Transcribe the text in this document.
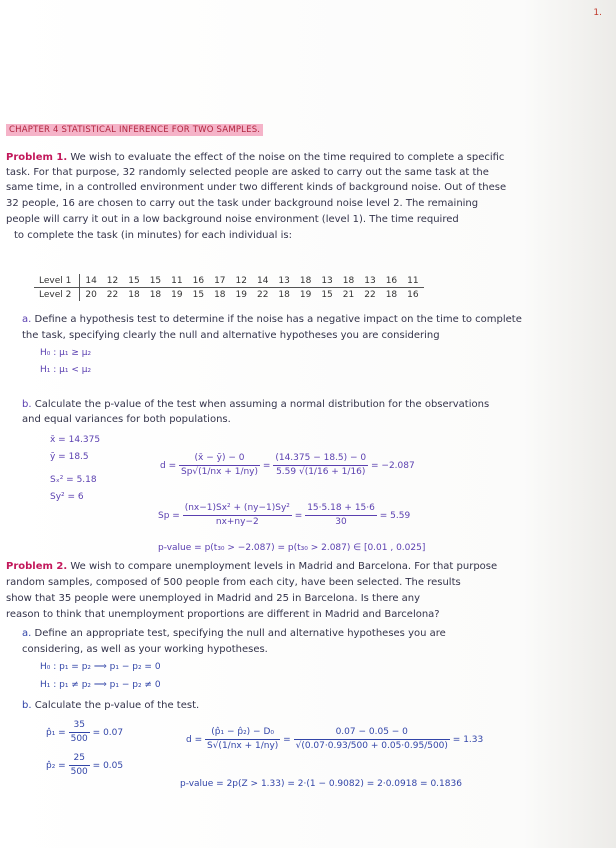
1.
CHAPTER 4 STATISTICAL INFERENCE FOR TWO SAMPLES.
Problem 1. We wish to evaluate the effect of the noise on the time required to complete a specific
task. For that purpose, 32 randomly selected people are asked to carry out the same task at the
same time, in a controlled environment under two different kinds of background noise. Out of these
32 people, 16 are chosen to carry out the task under background noise level 2. The remaining
people will carry it out in a low background noise environment (level 1). The time required
to complete the task (in minutes) for each individual is:
Level 1	14	12	15	15	11	16	17	12	14	13	18	13	18	13	16	11
Level 2	20	22	18	18	19	15	18	19	22	18	19	15	21	22	18	16
a. Define a hypothesis test to determine if the noise has a negative impact on the time to complete
the task, specifying clearly the null and alternative hypotheses you are considering
H₀ : μ₁ ≥ μ₂
H₁ : μ₁ < μ₂
b. Calculate the p-value of the test when assuming a normal distribution for the observations
and equal variances for both populations.
x̄ = 14.375
ȳ = 18.5
Sₓ² = 5.18
Sy² = 6
$d = \frac{(x̄ - ȳ) - 0}{Sp√(1/nx + 1/ny)} = \frac{(14.375 - 18.5) - 0}{5.59 √(1/16 + 1/16)} = -2.087$
$Sp = \frac{\text{(nx−1)Sx² + (ny−1)Sy²}}{nx+ny-2} = \frac{15\cdot 5.18 + 15\cdot 6}{30} = 5.59$
p-value = p(t₃₀ > −2.087) = p(t₃₀ > 2.087) ∈ [0.01 , 0.025]
Problem 2. We wish to compare unemployment levels in Madrid and Barcelona. For that purpose
random samples, composed of 500 people from each city, have been selected. The results
show that 35 people were unemployed in Madrid and 25 in Barcelona. Is there any
reason to think that unemployment proportions are different in Madrid and Barcelona?
a. Define an appropriate test, specifying the null and alternative hypotheses you are
considering, as well as your working hypotheses.
H₀ : p₁ = p₂ ⟹ p₁ − p₂ = 0
H₁ : p₁ ≠ p₂ ⟹ p₁ − p₂ ≠ 0
b. Calculate the p-value of the test.
p̂₁ = $\frac{35}{500} = 0.07$
p̂₂ = $\frac{25}{500} = 0.05$
$d = \frac{\text{(p̂₁ − p̂₂) − D₀}}{S√(1/nx + 1/ny)} = \frac{0.07 - 0.05 - 0}{√(0.07\cdot 0.93/500 + 0.05\cdot 0.95/500)} = 1.33$
p-value = 2p(Z > 1.33) = 2·(1 − 0.9082) = 2·0.0918 = 0.1836
